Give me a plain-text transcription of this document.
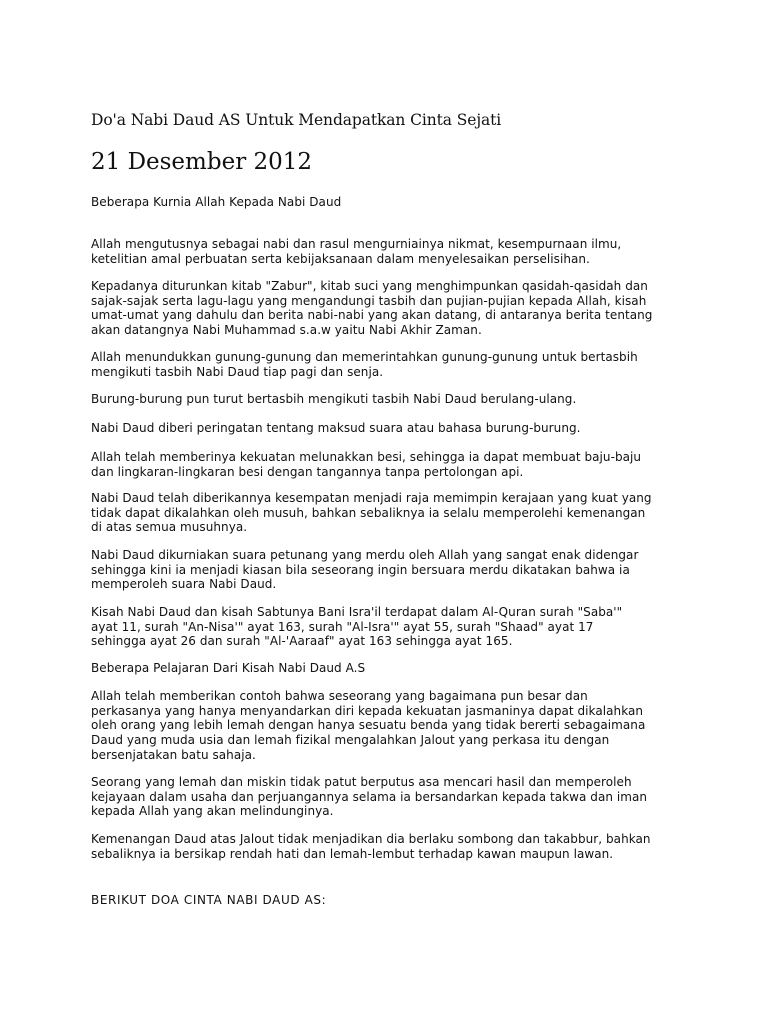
Do'a Nabi Daud AS Untuk Mendapatkan Cinta Sejati
21 Desember 2012

Beberapa Kurnia Allah Kepada Nabi Daud

Allah mengutusnya sebagai nabi dan rasul mengurniainya nikmat, kesempurnaan ilmu,
ketelitian amal perbuatan serta kebijaksanaan dalam menyelesaikan perselisihan.

Kepadanya diturunkan kitab "Zabur", kitab suci yang menghimpunkan qasidah-qasidah dan
sajak-sajak serta lagu-lagu yang mengandungi tasbih dan pujian-pujian kepada Allah, kisah
umat-umat yang dahulu dan berita nabi-nabi yang akan datang, di antaranya berita tentang
akan datangnya Nabi Muhammad s.a.w yaitu Nabi Akhir Zaman.

Allah menundukkan gunung-gunung dan memerintahkan gunung-gunung untuk bertasbih
mengikuti tasbih Nabi Daud tiap pagi dan senja.

Burung-burung pun turut bertasbih mengikuti tasbih Nabi Daud berulang-ulang.

Nabi Daud diberi peringatan tentang maksud suara atau bahasa burung-burung.

Allah telah memberinya kekuatan melunakkan besi, sehingga ia dapat membuat baju-baju
dan lingkaran-lingkaran besi dengan tangannya tanpa pertolongan api.

Nabi Daud telah diberikannya kesempatan menjadi raja memimpin kerajaan yang kuat yang
tidak dapat dikalahkan oleh musuh, bahkan sebaliknya ia selalu memperolehi kemenangan
di atas semua musuhnya.

Nabi Daud dikurniakan suara petunang yang merdu oleh Allah yang sangat enak didengar
sehingga kini ia menjadi kiasan bila seseorang ingin bersuara merdu dikatakan bahwa ia
memperoleh suara Nabi Daud.

Kisah Nabi Daud dan kisah Sabtunya Bani Isra'il terdapat dalam Al-Quran surah "Saba'"
ayat 11, surah "An-Nisa'" ayat 163, surah "Al-Isra'" ayat 55, surah "Shaad" ayat 17
sehingga ayat 26 dan surah "Al-'Aaraaf" ayat 163 sehingga ayat 165.

Beberapa Pelajaran Dari Kisah Nabi Daud A.S

Allah telah memberikan contoh bahwa seseorang yang bagaimana pun besar dan
perkasanya yang hanya menyandarkan diri kepada kekuatan jasmaninya dapat dikalahkan
oleh orang yang lebih lemah dengan hanya sesuatu benda yang tidak bererti sebagaimana
Daud yang muda usia dan lemah fizikal mengalahkan Jalout yang perkasa itu dengan
bersenjatakan batu sahaja.

Seorang yang lemah dan miskin tidak patut berputus asa mencari hasil dan memperoleh
kejayaan dalam usaha dan perjuangannya selama ia bersandarkan kepada takwa dan iman
kepada Allah yang akan melindunginya.

Kemenangan Daud atas Jalout tidak menjadikan dia berlaku sombong dan takabbur, bahkan
sebaliknya ia bersikap rendah hati dan lemah-lembut terhadap kawan maupun lawan.

BERIKUT DOA CINTA NABI DAUD AS:
